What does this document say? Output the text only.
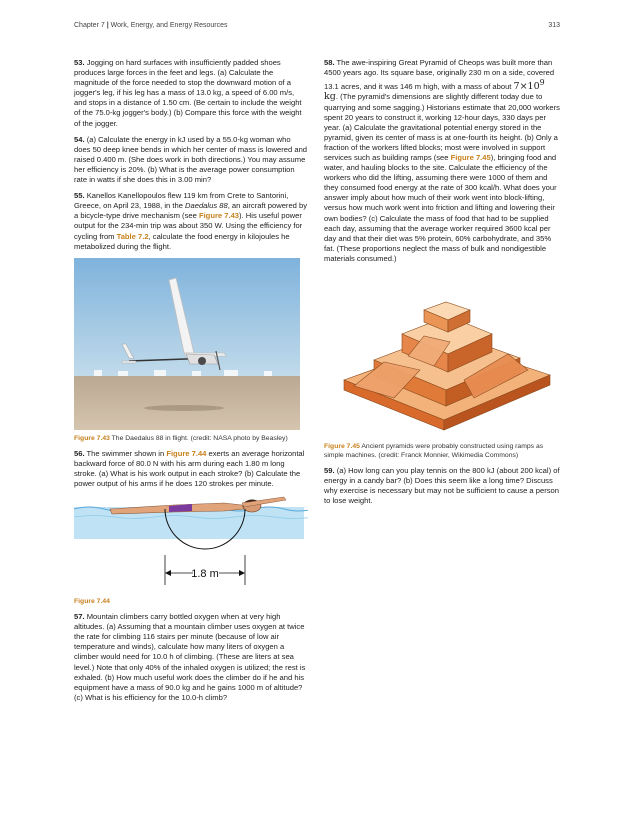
Chapter 7 | Work, Energy, and Energy Resources	313

53. Jogging on hard surfaces with insufficiently padded shoes produces large forces in the feet and legs. (a) Calculate the magnitude of the force needed to stop the downward motion of a jogger's leg, if his leg has a mass of 13.0 kg, a speed of 6.00 m/s, and stops in a distance of 1.50 cm. (Be certain to include the weight of the 75.0-kg jogger's body.) (b) Compare this force with the weight of the jogger.

54. (a) Calculate the energy in kJ used by a 55.0-kg woman who does 50 deep knee bends in which her center of mass is lowered and raised 0.400 m. (She does work in both directions.) You may assume her efficiency is 20%. (b) What is the average power consumption rate in watts if she does this in 3.00 min?

55. Kanellos Kanellopoulos flew 119 km from Crete to Santorini, Greece, on April 23, 1988, in the Daedalus 88, an aircraft powered by a bicycle-type drive mechanism (see Figure 7.43). His useful power output for the 234-min trip was about 350 W. Using the efficiency for cycling from Table 7.2, calculate the food energy in kilojoules he metabolized during the flight.

Figure 7.43 The Daedalus 88 in flight. (credit: NASA photo by Beasley)

56. The swimmer shown in Figure 7.44 exerts an average horizontal backward force of 80.0 N with his arm during each 1.80 m long stroke. (a) What is his work output in each stroke? (b) Calculate the power output of his arms if he does 120 strokes per minute.

1.8 m
Figure 7.44

57. Mountain climbers carry bottled oxygen when at very high altitudes. (a) Assuming that a mountain climber uses oxygen at twice the rate for climbing 116 stairs per minute (because of low air temperature and winds), calculate how many liters of oxygen a climber would need for 10.0 h of climbing. (These are liters at sea level.) Note that only 40% of the inhaled oxygen is utilized; the rest is exhaled. (b) How much useful work does the climber do if he and his equipment have a mass of 90.0 kg and he gains 1000 m of altitude? (c) What is his efficiency for the 10.0-h climb?

58. The awe-inspiring Great Pyramid of Cheops was built more than 4500 years ago. Its square base, originally 230 m on a side, covered 13.1 acres, and it was 146 m high, with a mass of about $7\times 10^9$ kg. (The pyramid's dimensions are slightly different today due to quarrying and some sagging.) Historians estimate that 20,000 workers spent 20 years to construct it, working 12-hour days, 330 days per year. (a) Calculate the gravitational potential energy stored in the pyramid, given its center of mass is at one-fourth its height. (b) Only a fraction of the workers lifted blocks; most were involved in support services such as building ramps (see Figure 7.45), bringing food and water, and hauling blocks to the site. Calculate the efficiency of the workers who did the lifting, assuming there were 1000 of them and they consumed food energy at the rate of 300 kcal/h. What does your answer imply about how much of their work went into block-lifting, versus how much work went into friction and lifting and lowering their own bodies? (c) Calculate the mass of food that had to be supplied each day, assuming that the average worker required 3600 kcal per day and that their diet was 5% protein, 60% carbohydrate, and 35% fat. (These proportions neglect the mass of bulk and nondigestible materials consumed.)

Figure 7.45 Ancient pyramids were probably constructed using ramps as simple machines. (credit: Franck Monnier, Wikimedia Commons)

59. (a) How long can you play tennis on the 800 kJ (about 200 kcal) of energy in a candy bar? (b) Does this seem like a long time? Discuss why exercise is necessary but may not be sufficient to cause a person to lose weight.
